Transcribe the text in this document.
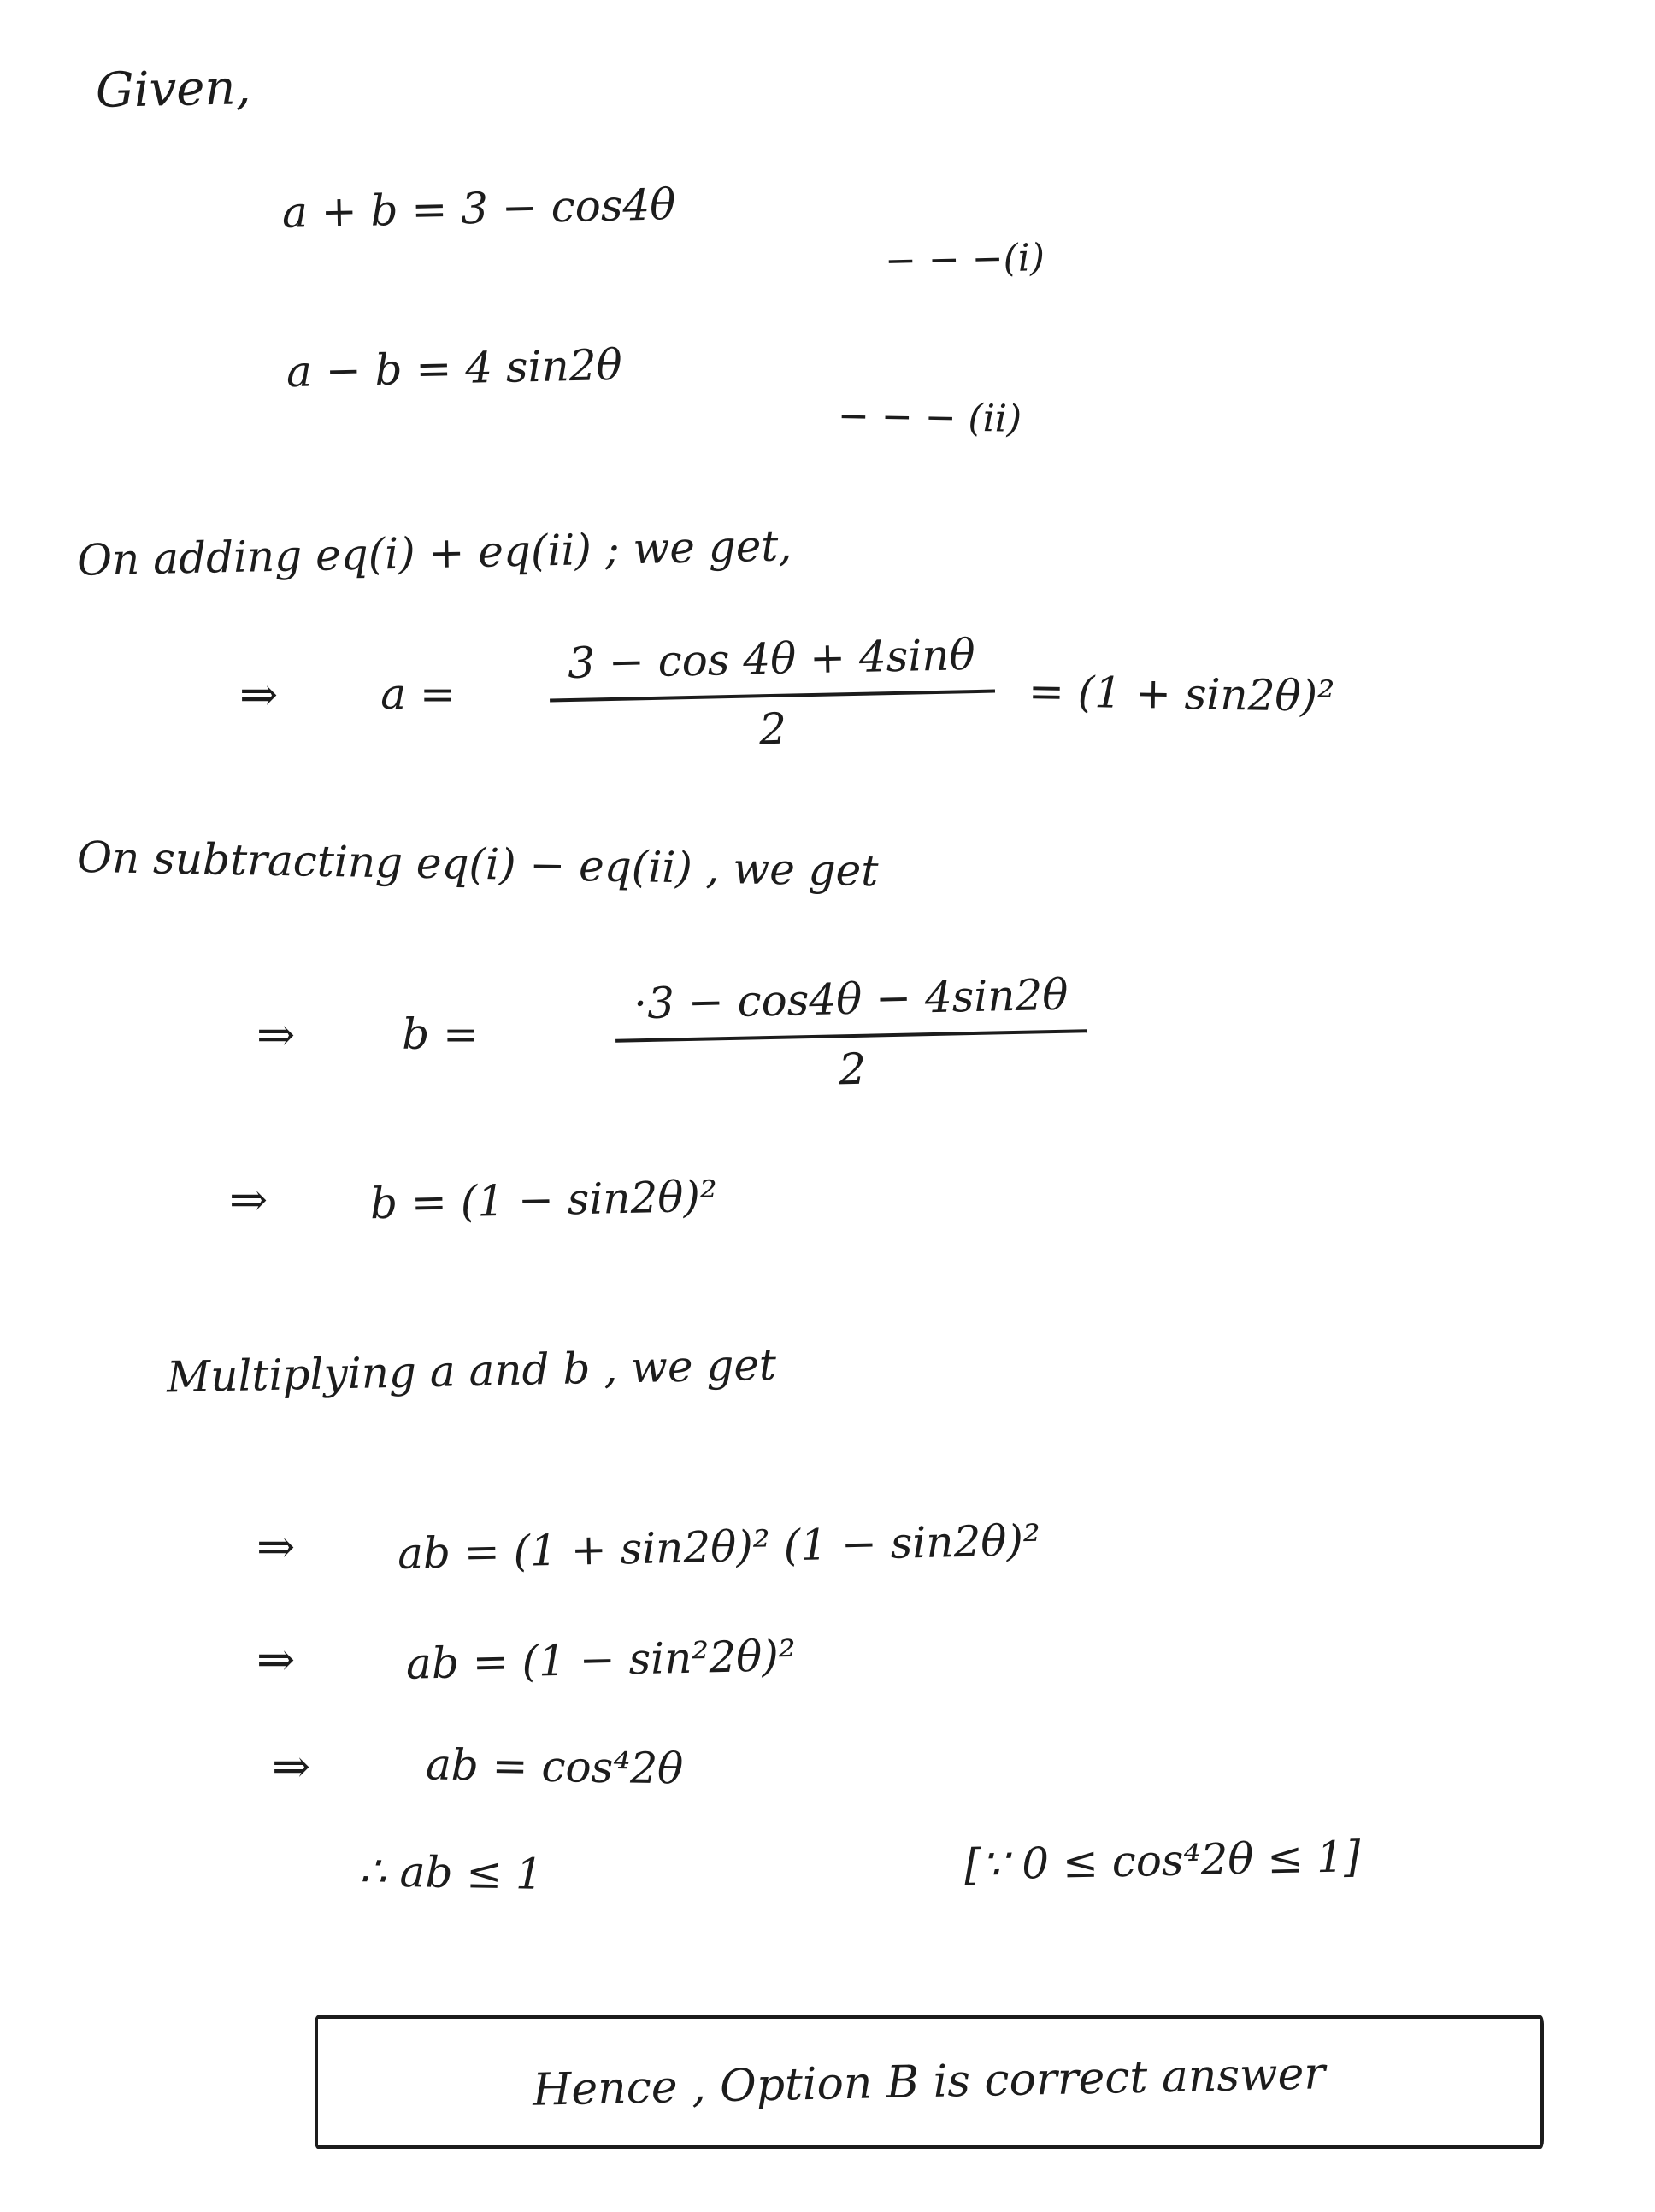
Given,
a + b = 3 − cos4θ
− − −(i)
a − b = 4 sin2θ
− − − (ii)
On adding eq(i) + eq(ii) ; we get,
⇒ $a = \frac{3 - \cos 4\theta + 4\sin\theta}{2} = (1 + \sin 2\theta)^2$
On subtracting eq(i) − eq(ii) , we get
⇒	b =	$\frac{\cdot 3 - \cos 4\theta - 4\sin 2\theta}{2}$
⇒ b = (1 − sin2θ)²
Multiplying a and b , we get
⇒ ab = (1 + sin2θ)² (1 − sin2θ)²
⇒	ab = (1 − sin²2θ)²
⇒	ab = cos⁴2θ
∴ ab ≤ 1	[∵ 0 ≤ cos⁴2θ ≤ 1]
Hence , Option B is correct answer
